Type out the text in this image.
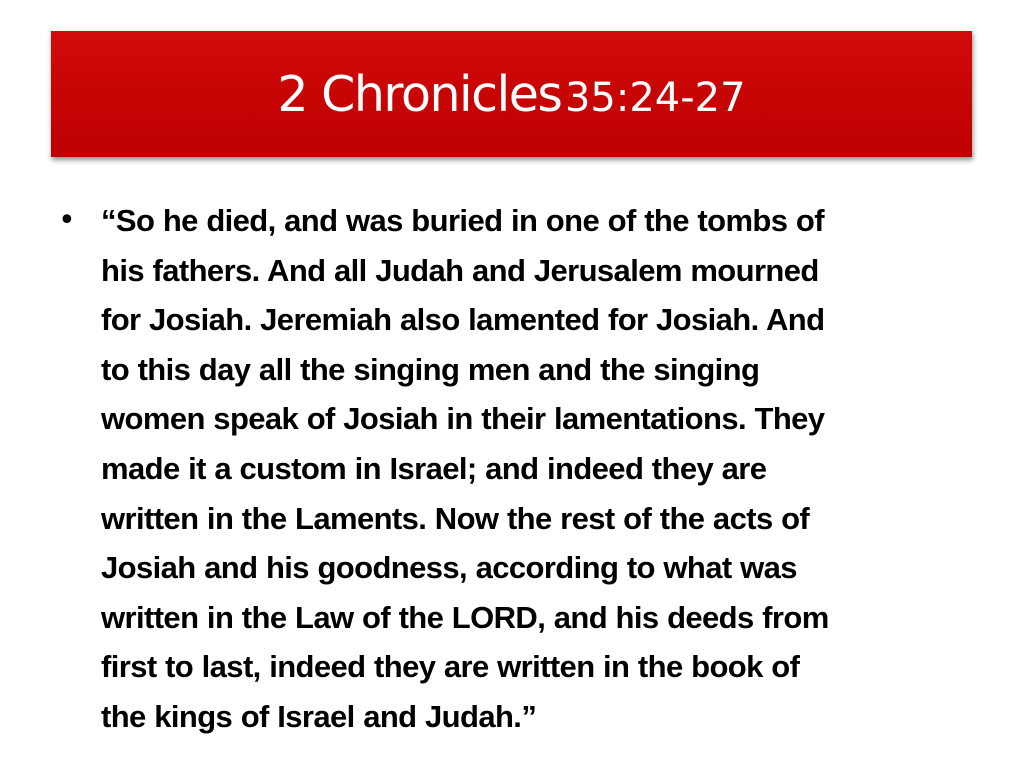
2 Chronicles 35:24-27
• “So he died, and was buried in one of the tombs of
his fathers. And all Judah and Jerusalem mourned
for Josiah. Jeremiah also lamented for Josiah. And
to this day all the singing men and the singing
women speak of Josiah in their lamentations. They
made it a custom in Israel; and indeed they are
written in the Laments. Now the rest of the acts of
Josiah and his goodness, according to what was
written in the Law of the LORD, and his deeds from
first to last, indeed they are written in the book of
the kings of Israel and Judah.”
